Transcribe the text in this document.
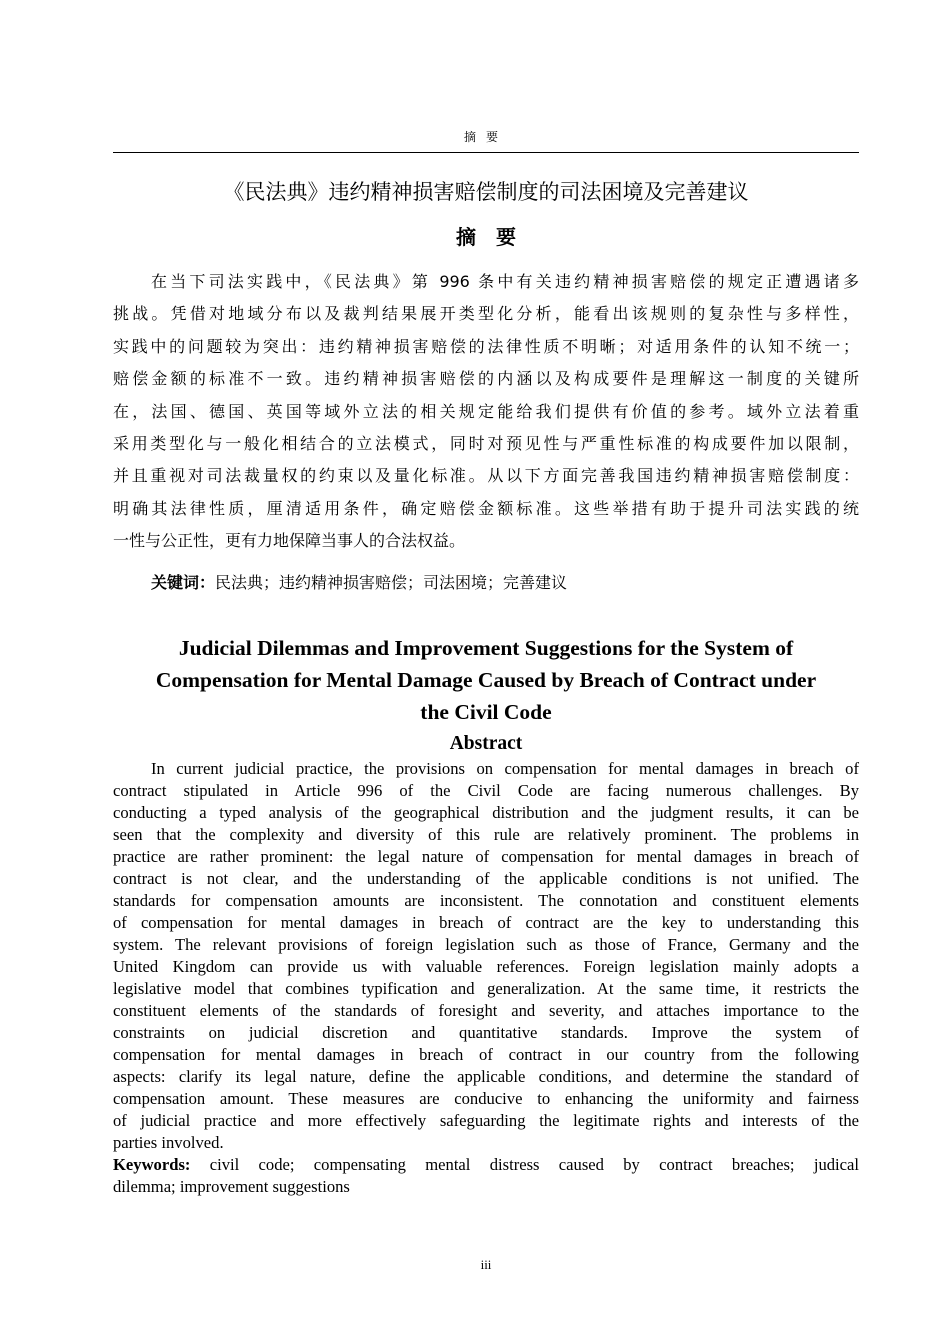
摘要
《民法典》违约精神损害赔偿制度的司法困境及完善建议
摘要
在当下司法实践中，《民法典》第 996 条中有关违约精神损害赔偿的规定正遭遇诸多
挑战。凭借对地域分布以及裁判结果展开类型化分析，能看出该规则的复杂性与多样性，
实践中的问题较为突出：违约精神损害赔偿的法律性质不明晰；对适用条件的认知不统一；
赔偿金额的标准不一致。违约精神损害赔偿的内涵以及构成要件是理解这一制度的关键所
在，法国、德国、英国等域外立法的相关规定能给我们提供有价值的参考。域外立法着重
采用类型化与一般化相结合的立法模式，同时对预见性与严重性标准的构成要件加以限制，
并且重视对司法裁量权的约束以及量化标准。从以下方面完善我国违约精神损害赔偿制度：
明确其法律性质，厘清适用条件，确定赔偿金额标准。这些举措有助于提升司法实践的统
一性与公正性，更有力地保障当事人的合法权益。
关键词：民法典；违约精神损害赔偿；司法困境；完善建议
Judicial Dilemmas and Improvement Suggestions for the System of
Compensation for Mental Damage Caused by Breach of Contract under
the Civil Code
Abstract
In current judicial practice, the provisions on compensation for mental damages in breach of
contract stipulated in Article 996 of the Civil Code are facing numerous challenges. By
conducting a typed analysis of the geographical distribution and the judgment results, it can be
seen that the complexity and diversity of this rule are relatively prominent. The problems in
practice are rather prominent: the legal nature of compensation for mental damages in breach of
contract is not clear, and the understanding of the applicable conditions is not unified. The
standards for compensation amounts are inconsistent. The connotation and constituent elements
of compensation for mental damages in breach of contract are the key to understanding this
system. The relevant provisions of foreign legislation such as those of France, Germany and the
United Kingdom can provide us with valuable references. Foreign legislation mainly adopts a
legislative model that combines typification and generalization. At the same time, it restricts the
constituent elements of the standards of foresight and severity, and attaches importance to the
constraints on judicial discretion and quantitative standards. Improve the system of
compensation for mental damages in breach of contract in our country from the following
aspects: clarify its legal nature, define the applicable conditions, and determine the standard of
compensation amount. These measures are conducive to enhancing the uniformity and fairness
of judicial practice and more effectively safeguarding the legitimate rights and interests of the
parties involved.
Keywords: civil code; compensating mental distress caused by contract breaches; judical
dilemma; improvement suggestions
iii
